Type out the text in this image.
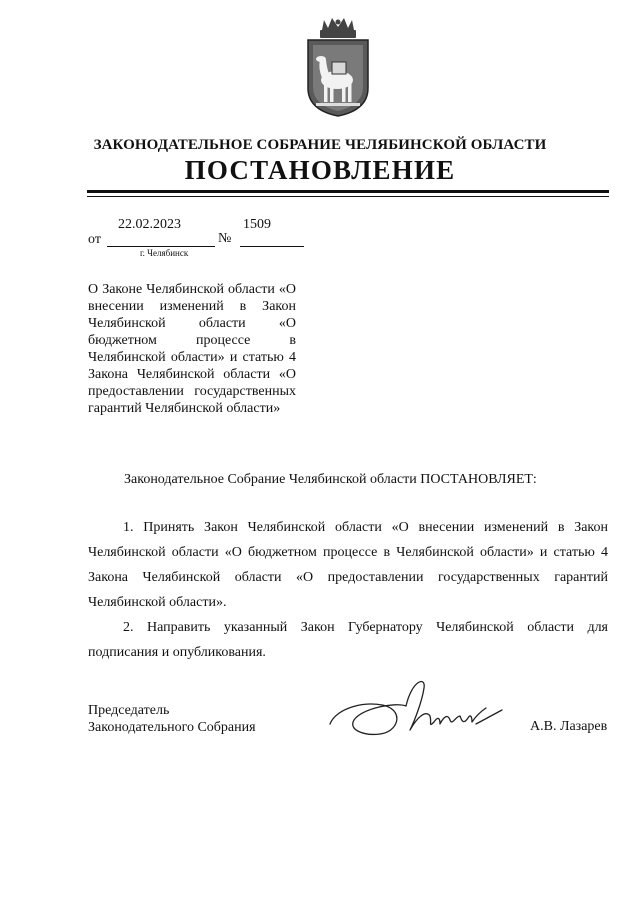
ЗАКОНОДАТЕЛЬНОЕ СОБРАНИЕ ЧЕЛЯБИНСКОЙ ОБЛАСТИ
ПОСТАНОВЛЕНИЕ
от
22.02.2023
№
1509
г. Челябинск
О Законе Челябинской области «О внесении изменений в Закон Челябинской области «О бюджетном процессе в Челябинской области» и статью 4 Закона Челябинской области «О предоставлении государственных гарантий Челябинской области»
Законодательное Собрание Челябинской области ПОСТАНОВЛЯЕТ:
1. Принять Закон Челябинской области «О внесении изменений в Закон Челябинской области «О бюджетном процессе в Челябинской области» и статью 4 Закона Челябинской области «О предоставлении государственных гарантий Челябинской области».
2. Направить указанный Закон Губернатору Челябинской области для подписания и опубликования.
Председатель
Законодательного Собрания	А.В. Лазарев
